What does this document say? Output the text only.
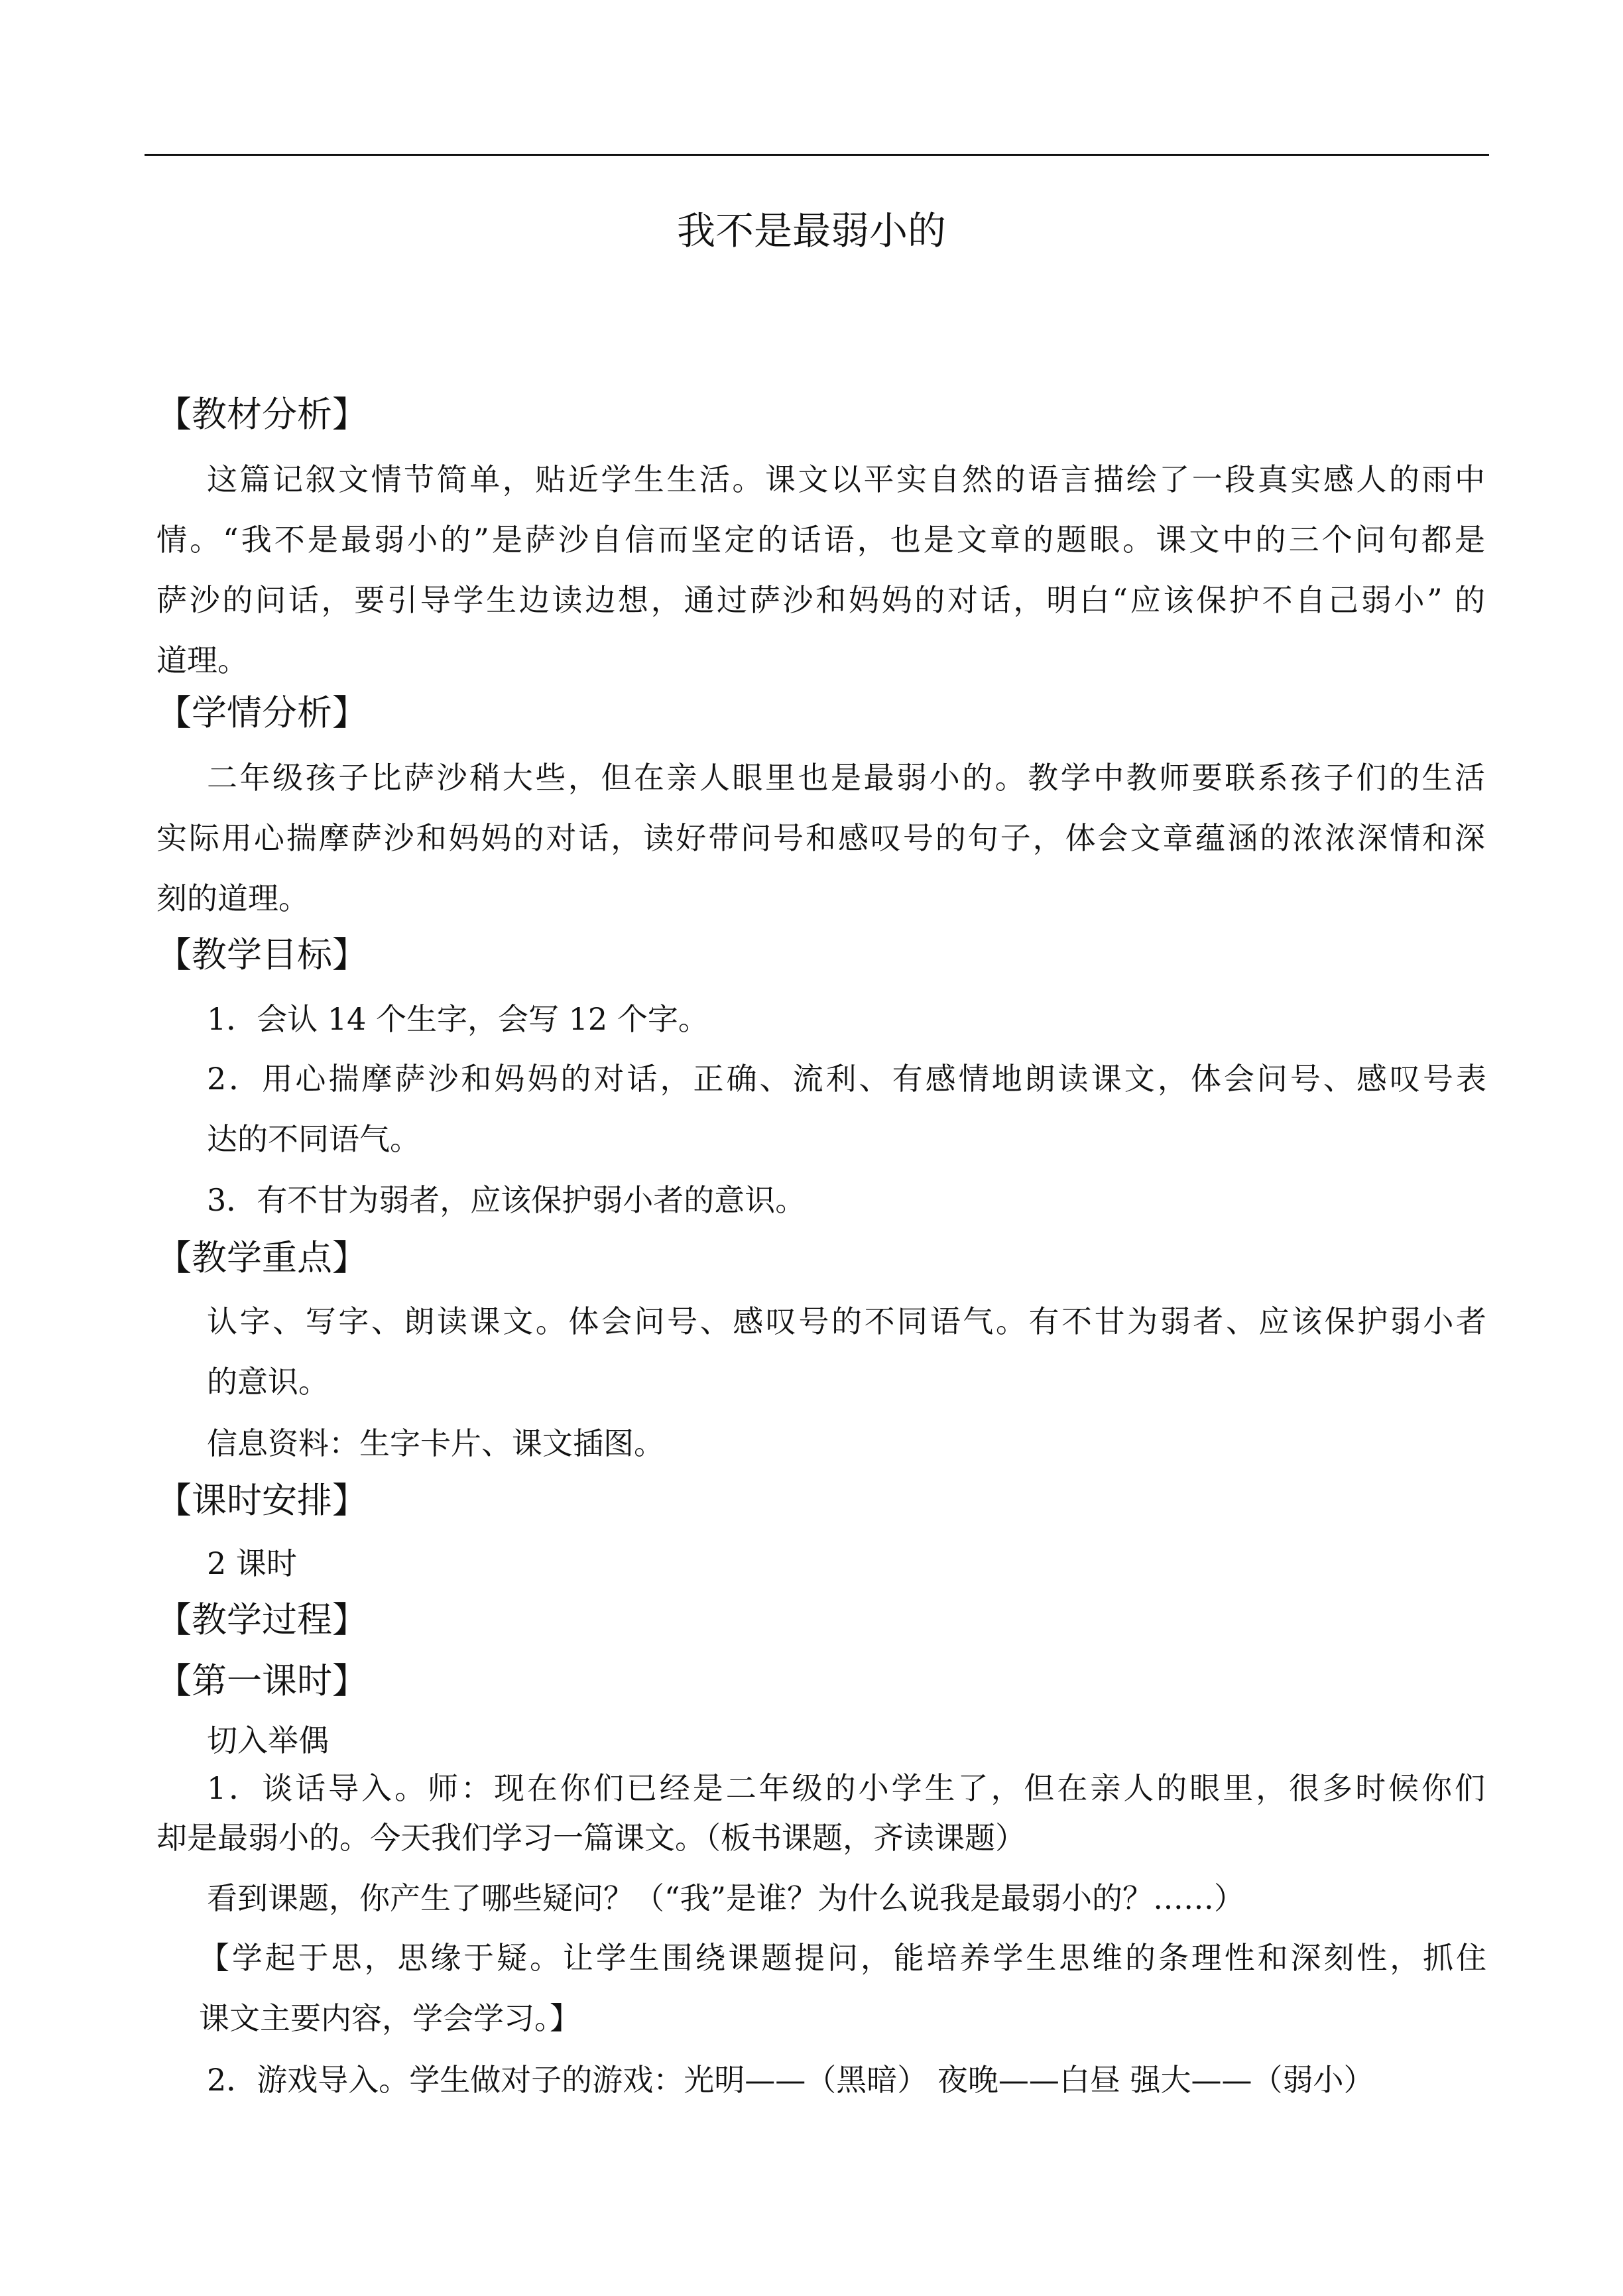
我不是最弱小的
【教材分析】
这篇记叙文情节简单，贴近学生生活。课文以平实自然的语言描绘了一段真实感人的雨中
情。“我不是最弱小的”是萨沙自信而坚定的话语，也是文章的题眼。课文中的三个问句都是
萨沙的问话，要引导学生边读边想，通过萨沙和妈妈的对话，明白“应该保护不自己弱小” 的
道理。
【学情分析】
二年级孩子比萨沙稍大些，但在亲人眼里也是最弱小的。教学中教师要联系孩子们的生活
实际用心揣摩萨沙和妈妈的对话，读好带问号和感叹号的句子，体会文章蕴涵的浓浓深情和深
刻的道理。
【教学目标】
1．会认 14 个生字，会写 12 个字。
2．用心揣摩萨沙和妈妈的对话，正确、流利、有感情地朗读课文，体会问号、感叹号表
达的不同语气。
3．有不甘为弱者，应该保护弱小者的意识。
【教学重点】
认字、写字、朗读课文。体会问号、感叹号的不同语气。有不甘为弱者、应该保护弱小者
的意识。
信息资料：生字卡片、课文插图。
【课时安排】
2 课时
【教学过程】
【第一课时】
切入举偶
1．谈话导入。师：现在你们已经是二年级的小学生了，但在亲人的眼里，很多时候你们
却是最弱小的。今天我们学习一篇课文。（板书课题，齐读课题）
看到课题，你产生了哪些疑问？（“我”是谁？为什么说我是最弱小的？……）
【学起于思，思缘于疑。让学生围绕课题提问，能培养学生思维的条理性和深刻性，抓住
课文主要内容，学会学习。】
2．游戏导入。学生做对子的游戏：光明——（黑暗） 夜晚——白昼 强大——（弱小）
